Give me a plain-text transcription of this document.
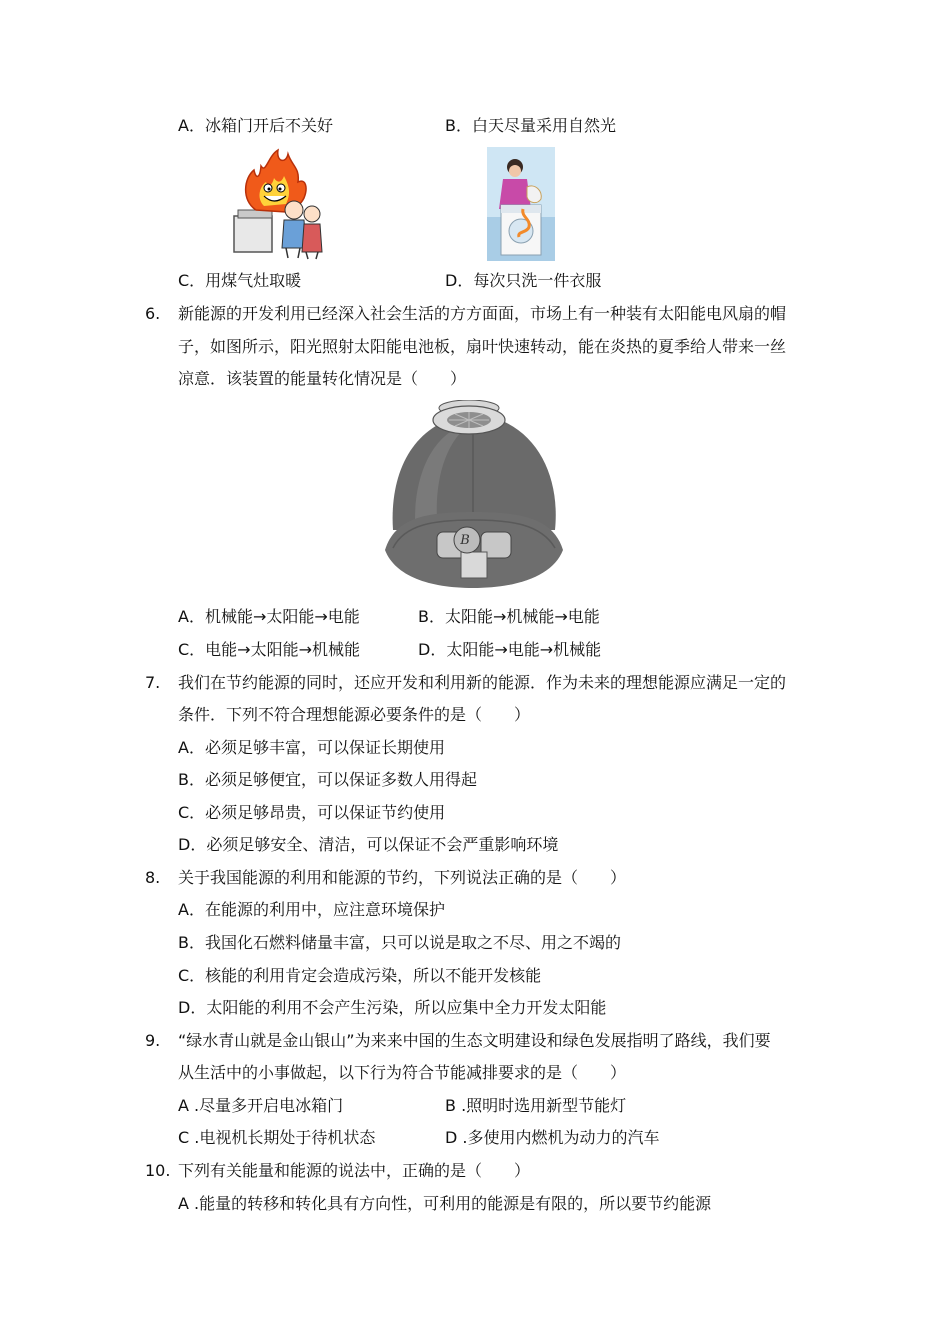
A．冰箱门开后不关好	B．白天尽量采用自然光
C．用煤气灶取暖	D．每次只洗一件衣服
6. 新能源的开发利用已经深入社会生活的方方面面，市场上有一种装有太阳能电风扇的帽
子，如图所示，阳光照射太阳能电池板，扇叶快速转动，能在炎热的夏季给人带来一丝
凉意．该装置的能量转化情况是（　　）
B
A．机械能→太阳能→电能	B．太阳能→机械能→电能
C．电能→太阳能→机械能	D．太阳能→电能→机械能
7. 我们在节约能源的同时，还应开发和利用新的能源．作为未来的理想能源应满足一定的
条件．下列不符合理想能源必要条件的是（　　）
A．必须足够丰富，可以保证长期使用
B．必须足够便宜，可以保证多数人用得起
C．必须足够昂贵，可以保证节约使用
D．必须足够安全、清洁，可以保证不会严重影响环境
8. 关于我国能源的利用和能源的节约，下列说法正确的是（　　）
A．在能源的利用中，应注意环境保护
B．我国化石燃料储量丰富，只可以说是取之不尽、用之不竭的
C．核能的利用肯定会造成污染，所以不能开发核能
D．太阳能的利用不会产生污染，所以应集中全力开发太阳能
9. “绿水青山就是金山银山”为来来中国的生态文明建设和绿色发展指明了路线，我们要
从生活中的小事做起，以下行为符合节能减排要求的是（　　）
A .尽量多开启电冰箱门	B .照明时选用新型节能灯
C .电视机长期处于待机状态	D .多使用内燃机为动力的汽车
10. 下列有关能量和能源的说法中，正确的是（　　）
A .能量的转移和转化具有方向性，可利用的能源是有限的，所以要节约能源
